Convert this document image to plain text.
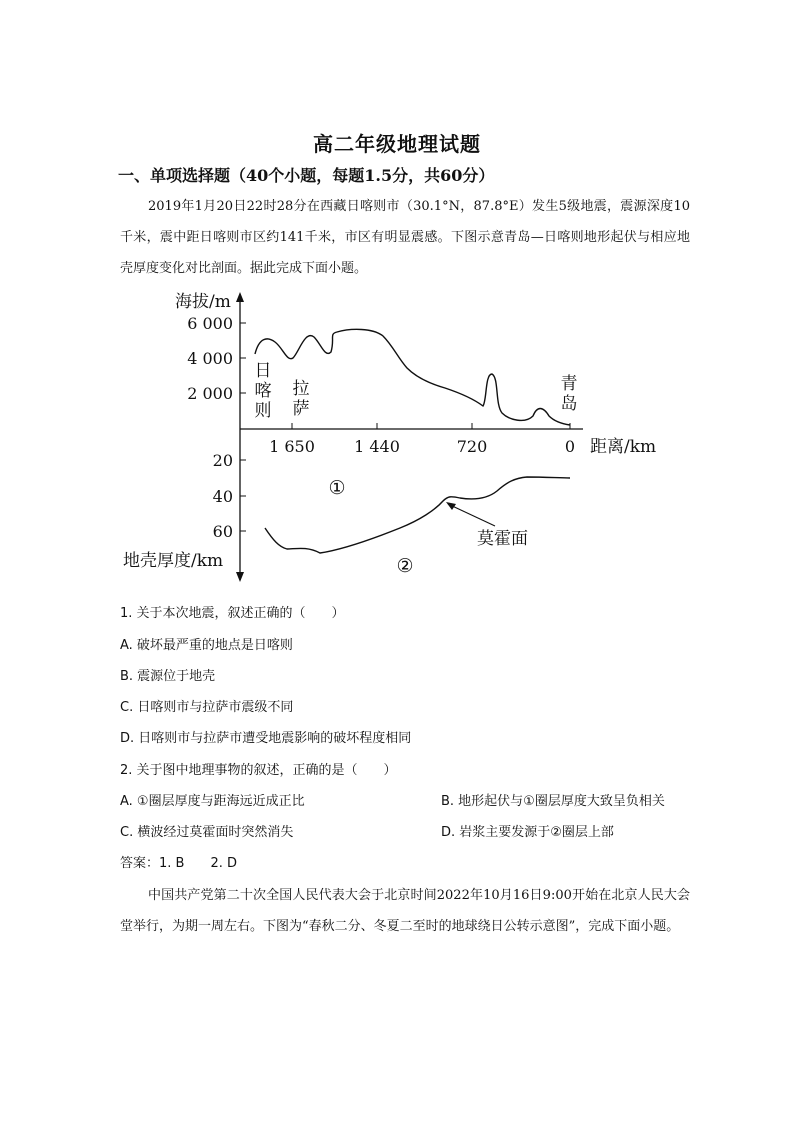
高二年级地理试题
一、单项选择题（40个小题，每题1.5分，共60分）
2019年1月20日22时28分在西藏日喀则市（30.1°N，87.8°E）发生5级地震，震源深度10千米，震中距日喀则市区约141千米，市区有明显震感。下图示意青岛—日喀则地形起伏与相应地壳厚度变化对比剖面。据此完成下面小题。
海拔/m
6 000
4 000
2 000
1 650 1 440	720	0 距离/km
20
40
60
地壳厚度/km
日
喀
则
拉
萨
青
岛
莫霍面
①
②
1. 关于本次地震，叙述正确的（　　）
A. 破坏最严重的地点是日喀则
B. 震源位于地壳
C. 日喀则市与拉萨市震级不同
D. 日喀则市与拉萨市遭受地震影响的破坏程度相同
2. 关于图中地理事物的叙述，正确的是（　　）
A. ①圈层厚度与距海远近成正比	B. 地形起伏与①圈层厚度大致呈负相关
C. 横波经过莫霍面时突然消失	D. 岩浆主要发源于②圈层上部
答案：1. B　　2. D
中国共产党第二十次全国人民代表大会于北京时间2022年10月16日9:00开始在北京人民大会堂举行，为期一周左右。下图为“春秋二分、冬夏二至时的地球绕日公转示意图”，完成下面小题。
